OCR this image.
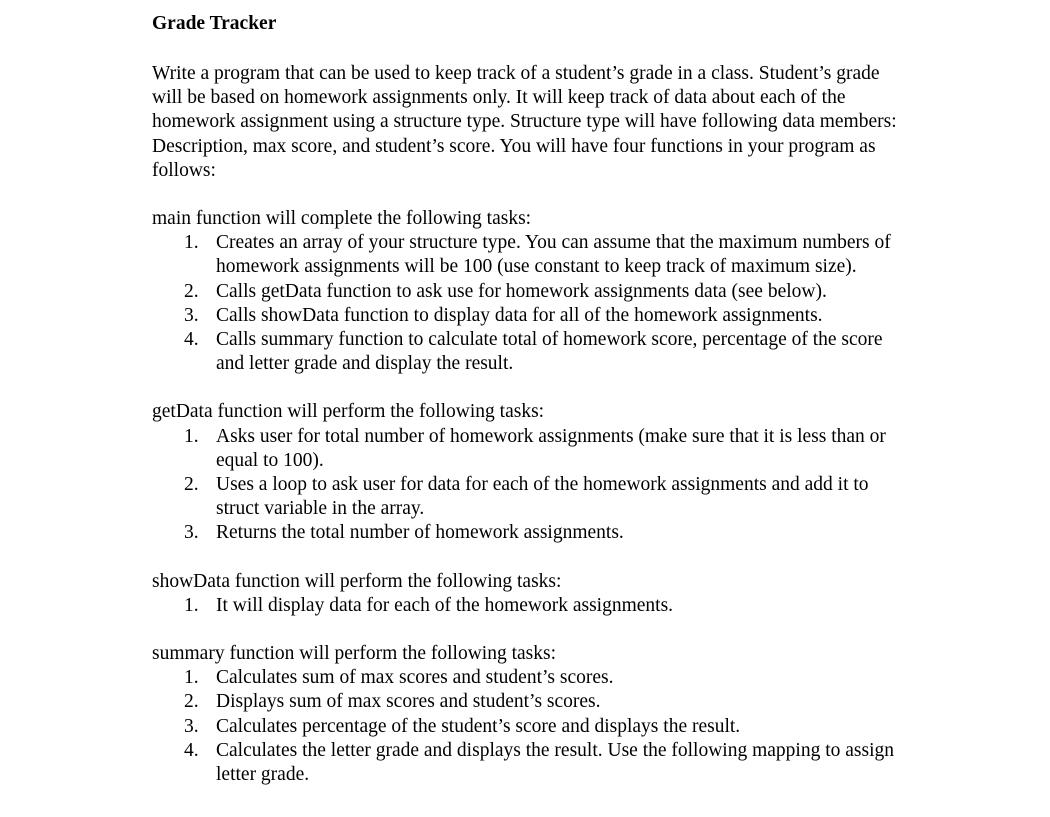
Grade Tracker
Write a program that can be used to keep track of a student’s grade in a class. Student’s grade will be based on homework assignments only. It will keep track of data about each of the homework assignment using a structure type. Structure type will have following data members: Description, max score, and student’s score. You will have four functions in your program as follows:
main function will complete the following tasks:
1. Creates an array of your structure type. You can assume that the maximum numbers of homework assignments will be 100 (use constant to keep track of maximum size).
2. Calls getData function to ask use for homework assignments data (see below).
3. Calls showData function to display data for all of the homework assignments.
4. Calls summary function to calculate total of homework score, percentage of the score and letter grade and display the result.
getData function will perform the following tasks:
1. Asks user for total number of homework assignments (make sure that it is less than or equal to 100).
2. Uses a loop to ask user for data for each of the homework assignments and add it to struct variable in the array.
3. Returns the total number of homework assignments.
showData function will perform the following tasks:
1. It will display data for each of the homework assignments.
summary function will perform the following tasks:
1. Calculates sum of max scores and student’s scores.
2. Displays sum of max scores and student’s scores.
3. Calculates percentage of the student’s score and displays the result.
4. Calculates the letter grade and displays the result. Use the following mapping to assign letter grade.
